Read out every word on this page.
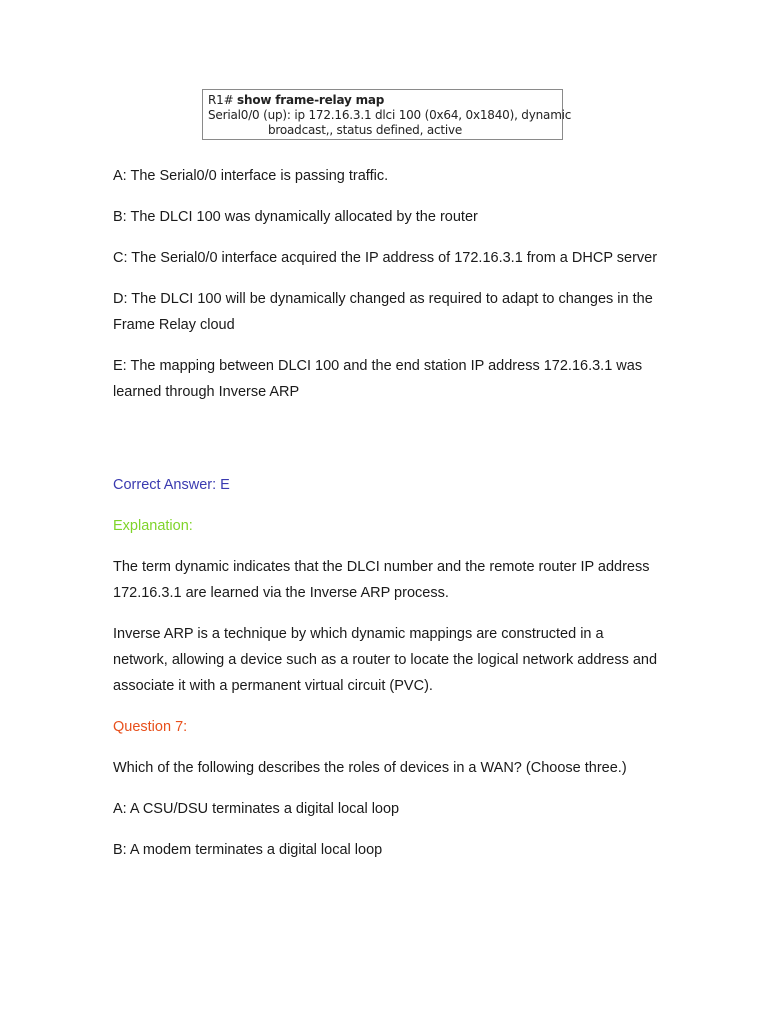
R1# show frame-relay map
Serial0/0 (up): ip 172.16.3.1 dlci 100 (0x64, 0x1840), dynamic
broadcast,, status defined, active

A: The Serial0/0 interface is passing traffic.

B: The DLCI 100 was dynamically allocated by the router

C: The Serial0/0 interface acquired the IP address of 172.16.3.1 from a DHCP server

D: The DLCI 100 will be dynamically changed as required to adapt to changes in the Frame Relay cloud

E: The mapping between DLCI 100 and the end station IP address 172.16.3.1 was learned through Inverse ARP

Correct Answer: E

Explanation:

The term dynamic indicates that the DLCI number and the remote router IP address 172.16.3.1 are learned via the Inverse ARP process.

Inverse ARP is a technique by which dynamic mappings are constructed in a network, allowing a device such as a router to locate the logical network address and associate it with a permanent virtual circuit (PVC).

Question 7:

Which of the following describes the roles of devices in a WAN? (Choose three.)

A: A CSU/DSU terminates a digital local loop

B: A modem terminates a digital local loop
